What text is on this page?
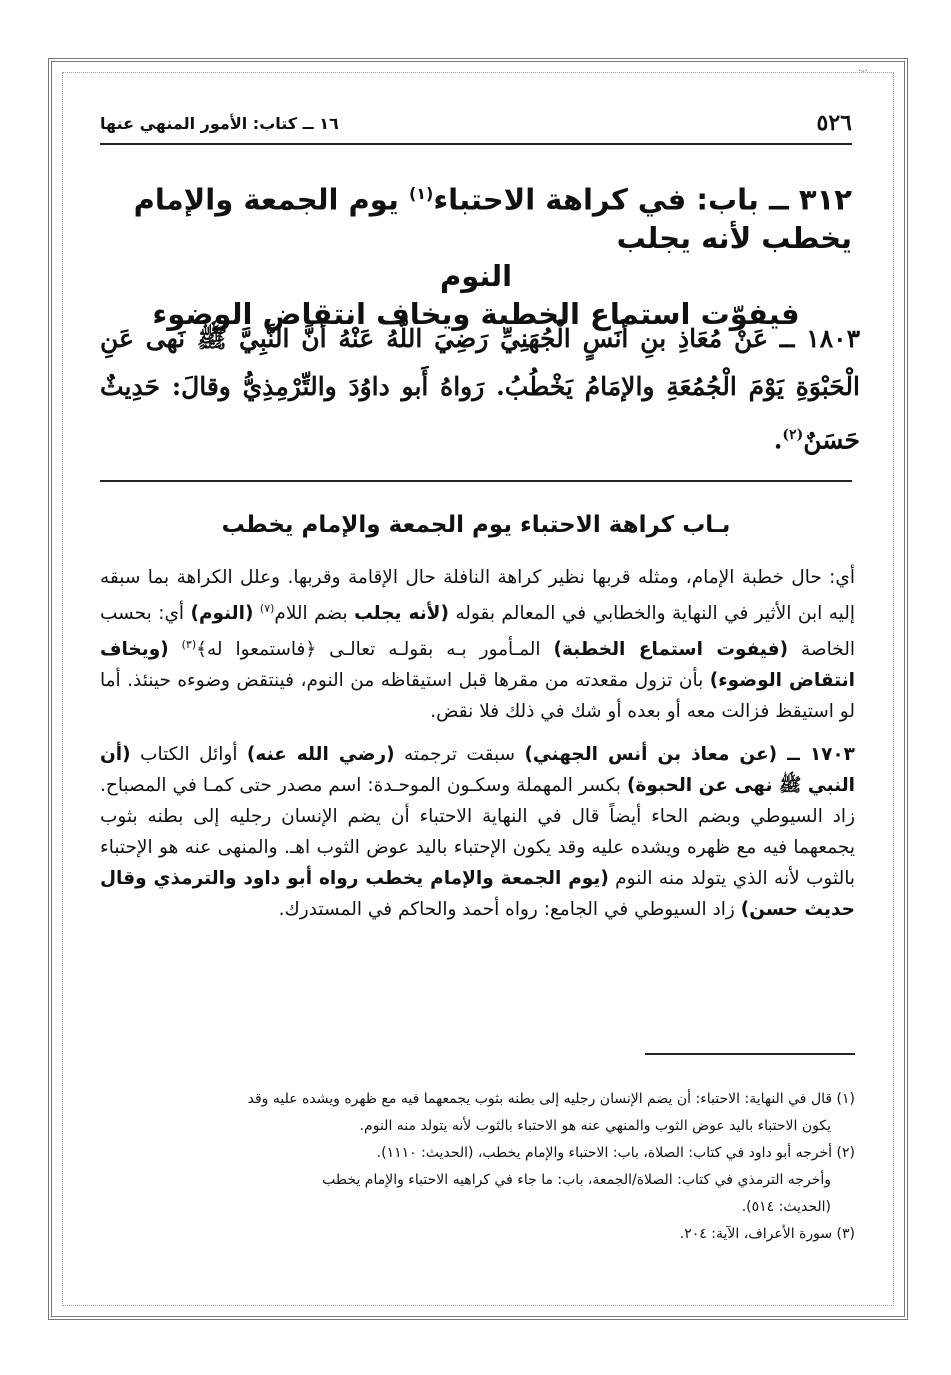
·‐·
٥٢٦
١٦ ــ كتاب: الأمور المنهي عنها
٣١٢ ــ باب: في كراهة الاحتباء$^{(١)}$ يوم الجمعة والإمام يخطب لأنه يجلب
النوم
فيفوّت استماع الخطبة ويخاف انتقاض الوضوء
١٨٠٣ ــ عَنْ مُعَاذِ بنِ أَنَسٍ الْجُهَنِيِّ رَضِيَ اللَّهُ عَنْهُ أَنَّ النَّبِيَّ ﷺ نَهى عَنِ الْحَبْوَةِ يَوْمَ الْجُمُعَةِ والإمَامُ يَخْطُبُ. رَواهُ أَبو داوُدَ والتِّرْمِذِيُّ وقالَ: حَدِيثٌ حَسَنٌ$^{(٢)}$.
بـاب كراهة الاحتباء يوم الجمعة والإمام يخطب

أي: حال خطبة الإمام، ومثله قربها نظير كراهة النافلة حال الإقامة وقربها. وعلل الكراهة بما سبقه إليه ابن الأثير في النهاية والخطابي في المعالم بقوله (لأنه يجلب بضم اللام$^{(٧)}$ (النوم) أي: بحسب الخاصة (فيفوت استماع الخطبة) المـأمور بـه بقولـه تعالـى ﴿فاستمعوا له﴾$^{(٣)}$ (ويخاف انتقاض الوضوء) بأن تزول مقعدته من مقرها قبل استيقاظه من النوم، فينتقض وضوءه حينئذ. أما لو استيقظ فزالت معه أو بعده أو شك في ذلك فلا نقض.

١٧٠٣ ــ (عن معاذ بن أنس الجهني) سبقت ترجمته (رضي الله عنه) أوائل الكتاب (أن النبي ﷺ نهى عن الحبوة) بكسر المهملة وسكـون الموحـدة: اسم مصدر حتى كمـا في المصباح. زاد السيوطي وبضم الحاء أيضاً قال في النهاية الاحتباء أن يضم الإنسان رجليه إلى بطنه بثوب يجمعهما فيه مع ظهره ويشده عليه وقد يكون الإحتباء باليد عوض الثوب اهـ. والمنهى عنه هو الإحتباء بالثوب لأنه الذي يتولد منه النوم (يوم الجمعة والإمام يخطب رواه أبو داود والترمذي وقال حديث حسن) زاد السيوطي في الجامع: رواه أحمد والحاكم في المستدرك.

(١) قال في النهاية: الاحتباء: أن يضم الإنسان رجليه إلى بطنه بثوب يجمعهما فيه مع ظهره ويشده عليه وقد

يكون الاحتباء باليد عوض الثوب والمنهي عنه هو الاحتباء بالثوب لأنه يتولد منه النوم.

(٢) أخرجه أبو داود في كتاب: الصلاة، باب: الاحتباء والإمام يخطب، (الحديث: ١١١٠).

وأخرجه الترمذي في كتاب: الصلاة/الجمعة، باب: ما جاء في كراهيه الاحتباء والإمام يخطب

(الحديث: ٥١٤).

(٣) سورة الأعراف، الآية: ٢٠٤.
